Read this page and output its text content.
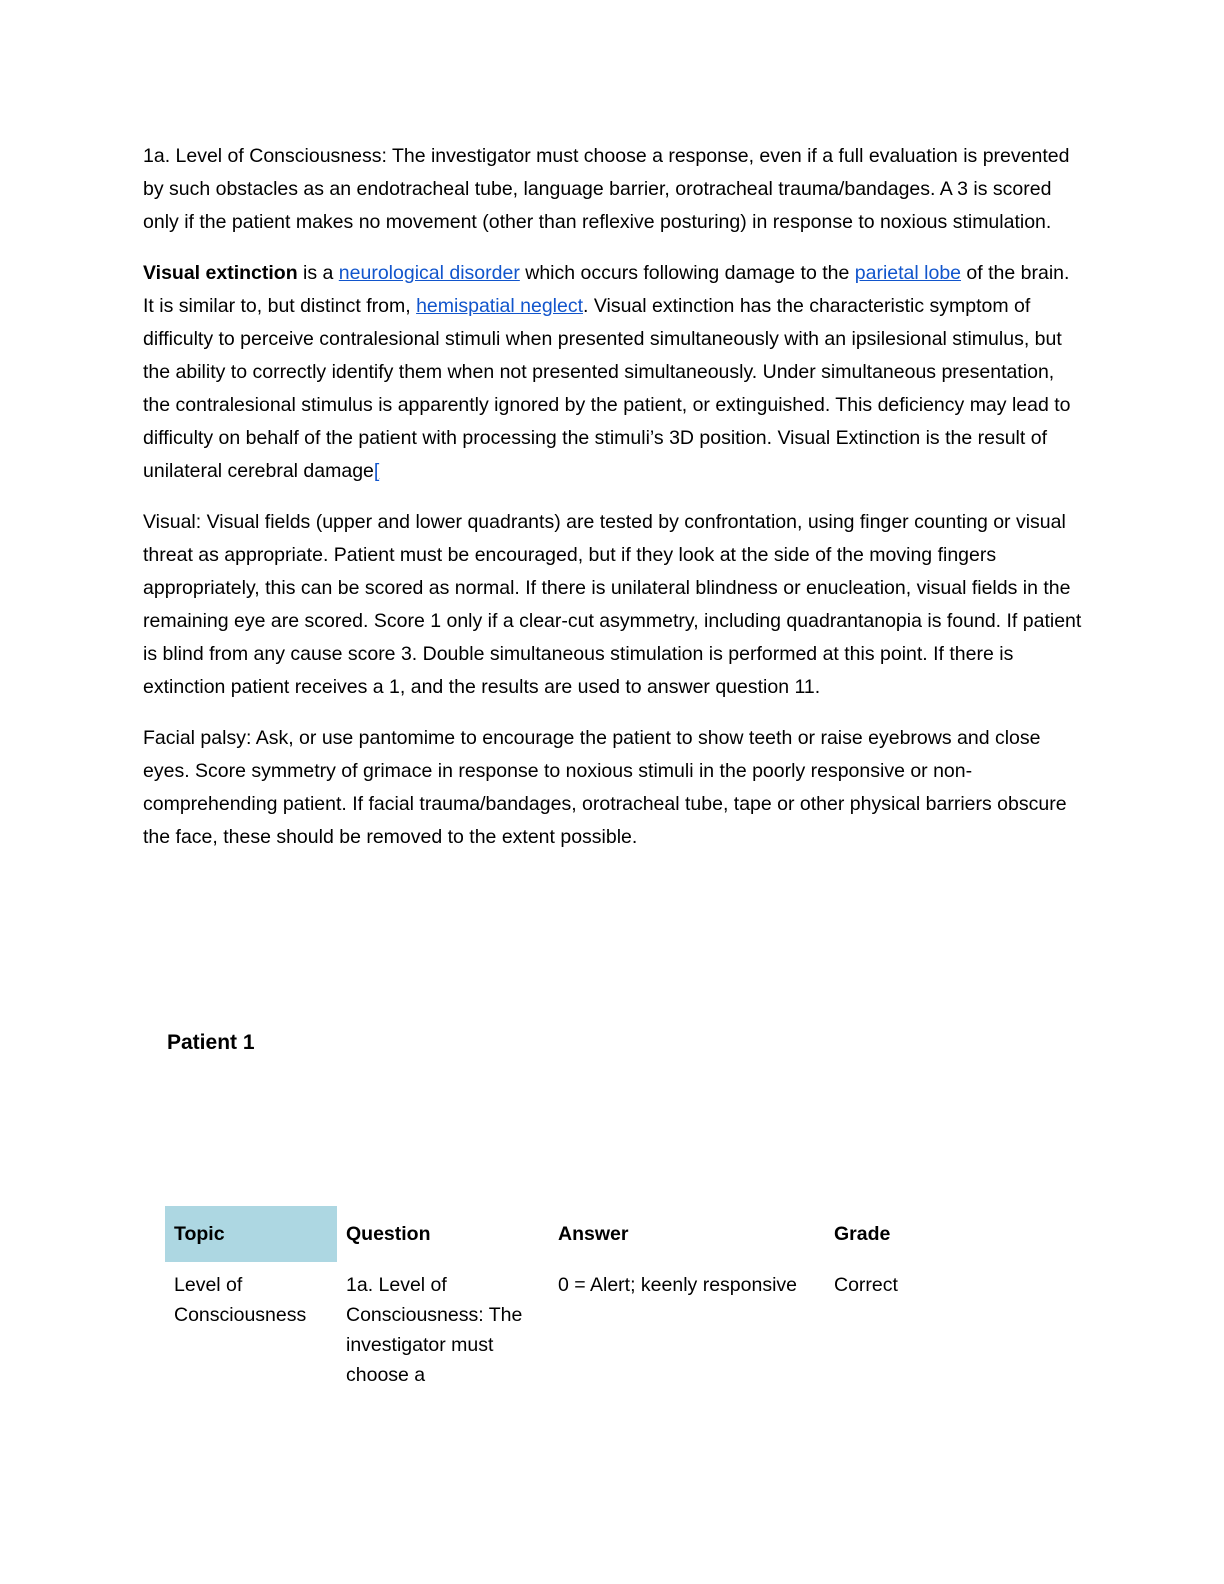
1a. Level of Consciousness: The investigator must choose a response, even if a full evaluation is prevented by such obstacles as an endotracheal tube, language barrier, orotracheal trauma/bandages. A 3 is scored only if the patient makes no movement (other than reflexive posturing) in response to noxious stimulation.

Visual extinction is a neurological disorder which occurs following damage to the parietal lobe of the brain. It is similar to, but distinct from, hemispatial neglect. Visual extinction has the characteristic symptom of difficulty to perceive contralesional stimuli when presented simultaneously with an ipsilesional stimulus, but the ability to correctly identify them when not presented simultaneously. Under simultaneous presentation, the contralesional stimulus is apparently ignored by the patient, or extinguished. This deficiency may lead to difficulty on behalf of the patient with processing the stimuli’s 3D position. Visual Extinction is the result of unilateral cerebral damage[

Visual: Visual fields (upper and lower quadrants) are tested by confrontation, using finger counting or visual threat as appropriate. Patient must be encouraged, but if they look at the side of the moving fingers appropriately, this can be scored as normal. If there is unilateral blindness or enucleation, visual fields in the remaining eye are scored. Score 1 only if a clear-cut asymmetry, including quadrantanopia is found. If patient is blind from any cause score 3. Double simultaneous stimulation is performed at this point. If there is extinction patient receives a 1, and the results are used to answer question 11.

Facial palsy: Ask, or use pantomime to encourage the patient to show teeth or raise eyebrows and close eyes. Score symmetry of grimace in response to noxious stimuli in the poorly responsive or non-comprehending patient. If facial trauma/bandages, orotracheal tube, tape or other physical barriers obscure the face, these should be removed to the extent possible.

Patient 1
Topic	Question	Answer	Grade
Level of Consciousness	1a. Level of Consciousness: The investigator must choose a	0 = Alert; keenly responsive	Correct
